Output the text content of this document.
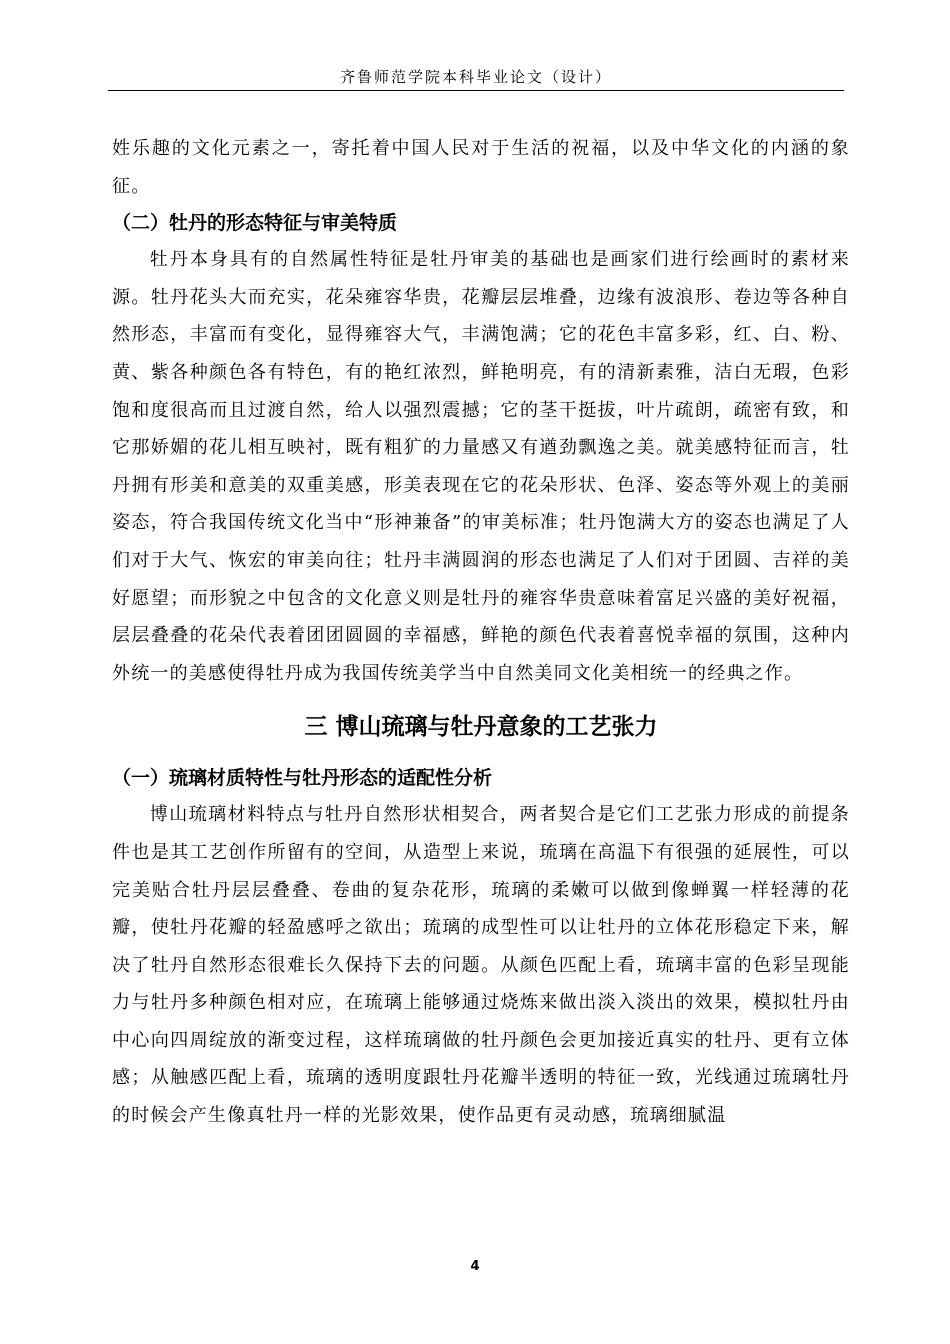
齐鲁师范学院本科毕业论文（设计）

姓乐趣的文化元素之一，寄托着中国人民对于生活的祝福，以及中华文化的内涵的象征。

（二）牡丹的形态特征与审美特质

牡丹本身具有的自然属性特征是牡丹审美的基础也是画家们进行绘画时的素材来源。牡丹花头大而充实，花朵雍容华贵，花瓣层层堆叠，边缘有波浪形、卷边等各种自然形态，丰富而有变化，显得雍容大气，丰满饱满；它的花色丰富多彩，红、白、粉、黄、紫各种颜色各有特色，有的艳红浓烈，鲜艳明亮，有的清新素雅，洁白无瑕，色彩饱和度很高而且过渡自然，给人以强烈震撼；它的茎干挺拔，叶片疏朗，疏密有致，和它那娇媚的花儿相互映衬，既有粗犷的力量感又有遒劲飘逸之美。就美感特征而言，牡丹拥有形美和意美的双重美感，形美表现在它的花朵形状、色泽、姿态等外观上的美丽姿态，符合我国传统文化当中“形神兼备”的审美标准；牡丹饱满大方的姿态也满足了人们对于大气、恢宏的审美向往；牡丹丰满圆润的形态也满足了人们对于团圆、吉祥的美好愿望；而形貌之中包含的文化意义则是牡丹的雍容华贵意味着富足兴盛的美好祝福，层层叠叠的花朵代表着团团圆圆的幸福感，鲜艳的颜色代表着喜悦幸福的氛围，这种内外统一的美感使得牡丹成为我国传统美学当中自然美同文化美相统一的经典之作。

三 博山琉璃与牡丹意象的工艺张力
（一）琉璃材质特性与牡丹形态的适配性分析

博山琉璃材料特点与牡丹自然形状相契合，两者契合是它们工艺张力形成的前提条件也是其工艺创作所留有的空间，从造型上来说，琉璃在高温下有很强的延展性，可以完美贴合牡丹层层叠叠、卷曲的复杂花形，琉璃的柔嫩可以做到像蝉翼一样轻薄的花瓣，使牡丹花瓣的轻盈感呼之欲出；琉璃的成型性可以让牡丹的立体花形稳定下来，解决了牡丹自然形态很难长久保持下去的问题。从颜色匹配上看，琉璃丰富的色彩呈现能力与牡丹多种颜色相对应，在琉璃上能够通过烧炼来做出淡入淡出的效果，模拟牡丹由中心向四周绽放的渐变过程，这样琉璃做的牡丹颜色会更加接近真实的牡丹、更有立体感；从触感匹配上看，琉璃的透明度跟牡丹花瓣半透明的特征一致，光线通过琉璃牡丹的时候会产生像真牡丹一样的光影效果，使作品更有灵动感，琉璃细腻温

4
